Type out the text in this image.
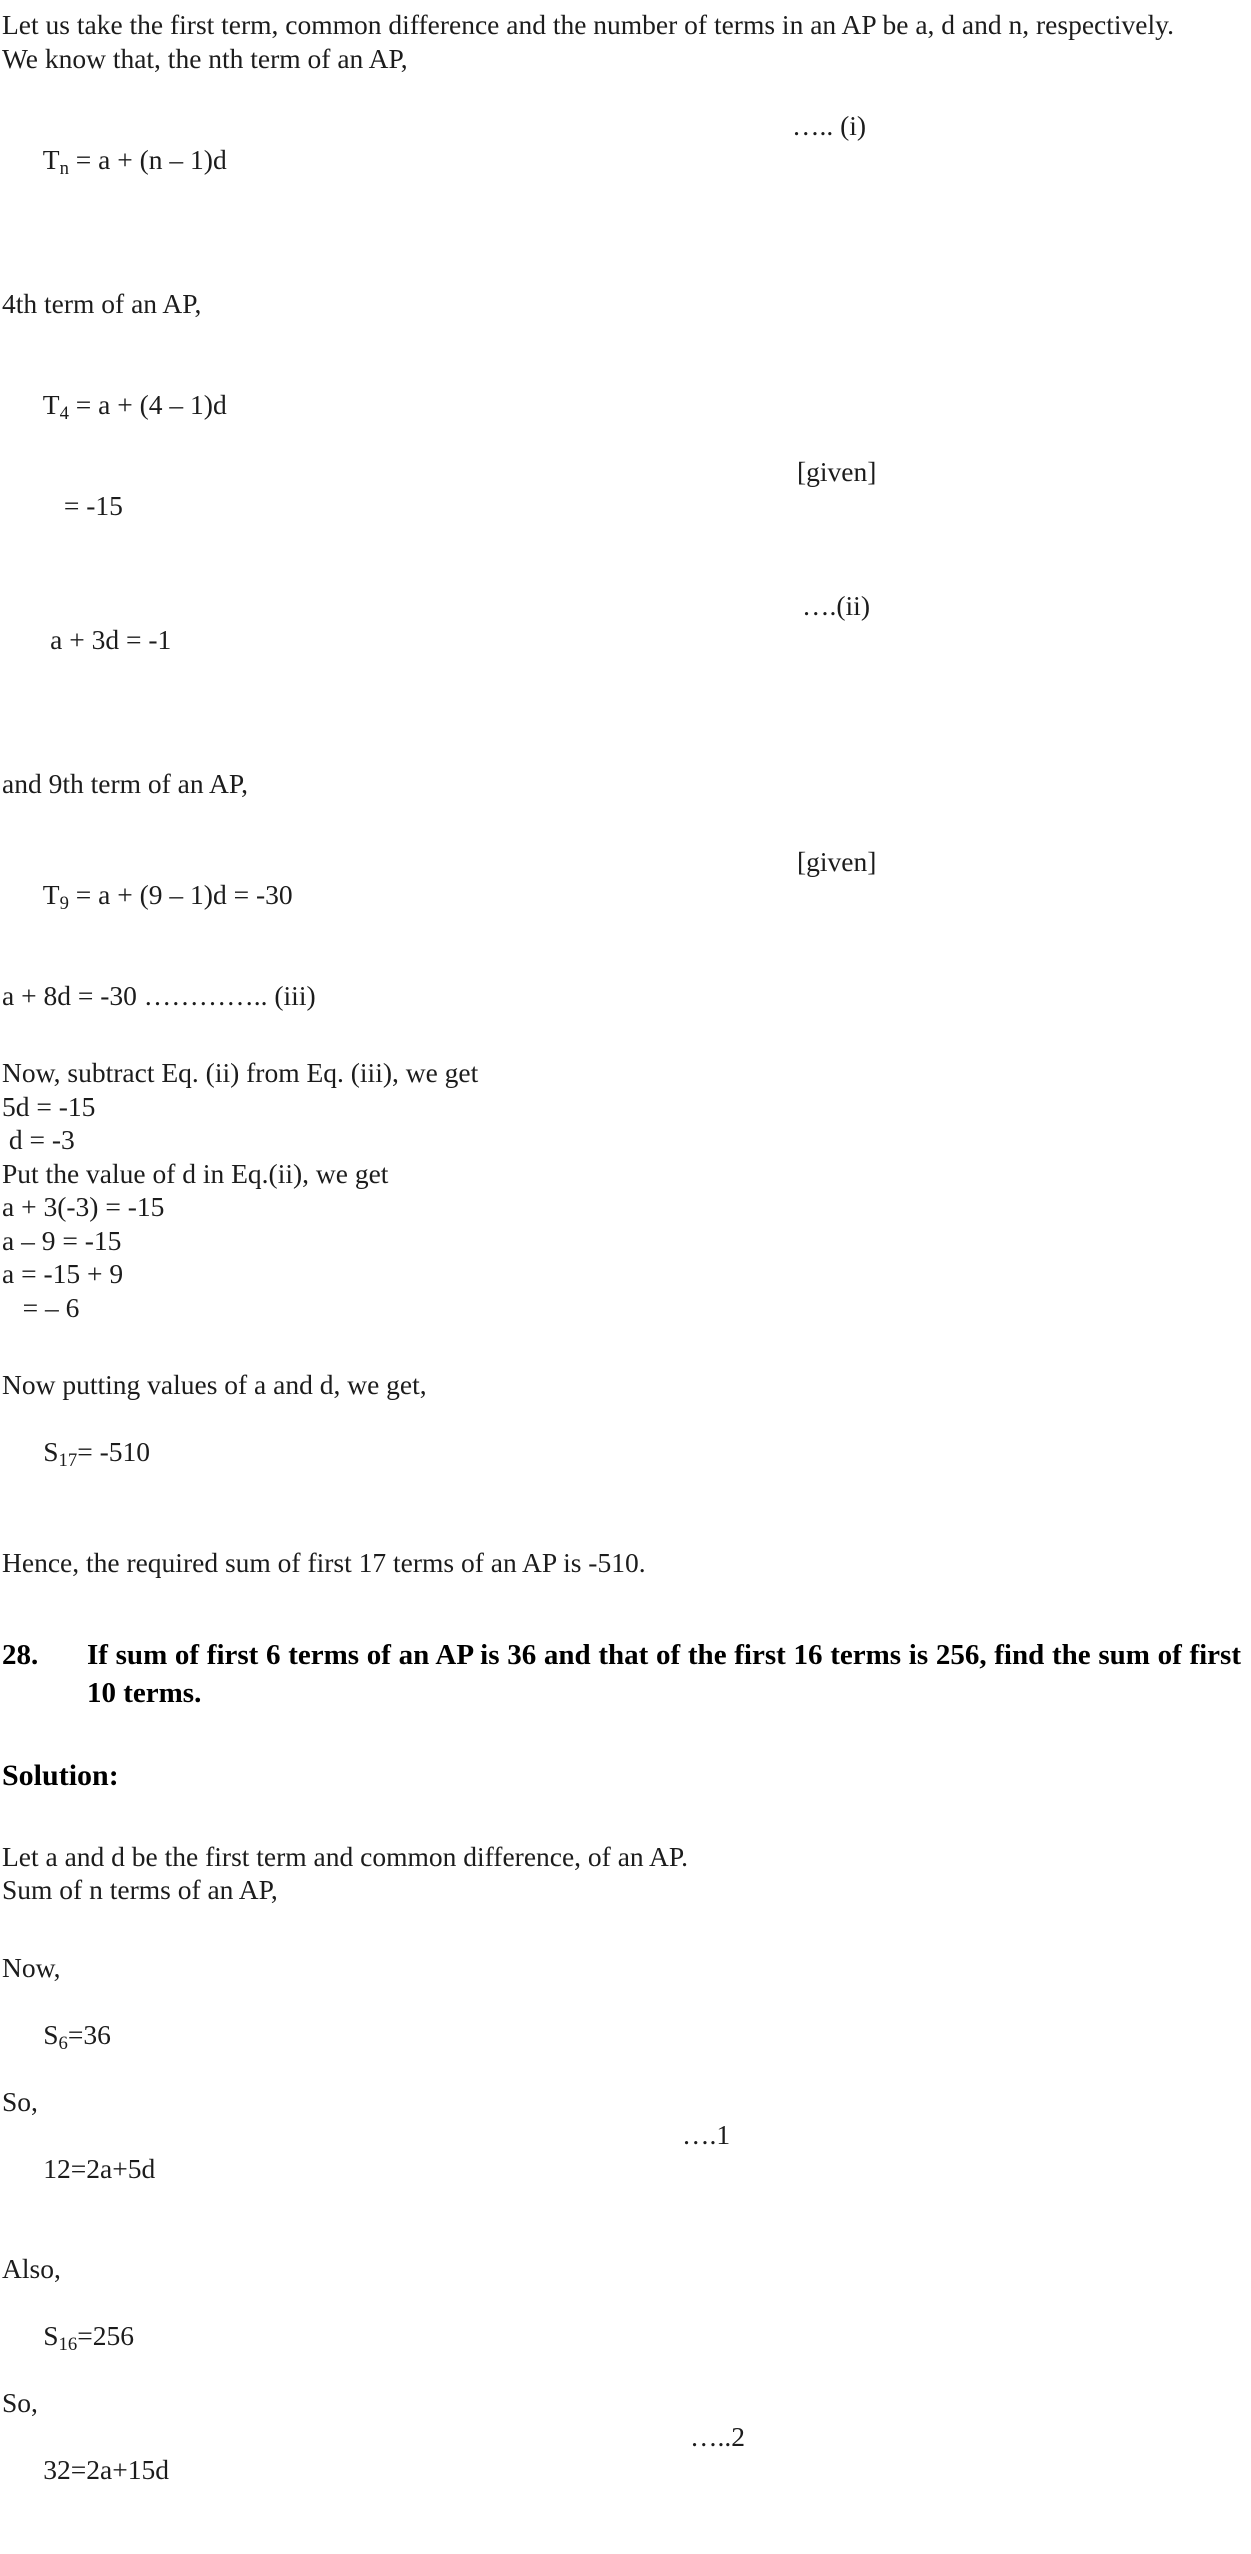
Let us take the first term, common difference and the number of terms in an AP be a, d and n, respectively.
We know that, the nth term of an AP,

$T_n = a + (n - 1)d$

….. (i)

4th term of an AP,

$T_4 = a + (4 - 1)d$

= -15

[given]

a + 3d = -1

….(ii)

and 9th term of an AP,

$T_9 = a + (9 - 1)d = -30$

[given]

a + 8d = -30 ………….. (iii)
Now, subtract Eq. (ii) from Eq. (iii), we get
5d = -15
d = -3
Put the value of d in Eq.(ii), we get
a + 3(-3) = -15
a – 9 = -15
a = -15 + 9
= – 6
Now putting values of a and d, we get,

$S_{17}= -510$

Hence, the required sum of first 17 terms of an AP is -510.
28.	If sum of first 6 terms of an AP is 36 and that of the first 16 terms is 256, find the sum of first 10 terms.
Solution:
Let a and d be the first term and common difference, of an AP.
Sum of n terms of an AP,
Now,

$S_6=36$

So,

12=2a+5d

….1

Also,

$S_{16}=256$

So,

32=2a+15d

…..2
